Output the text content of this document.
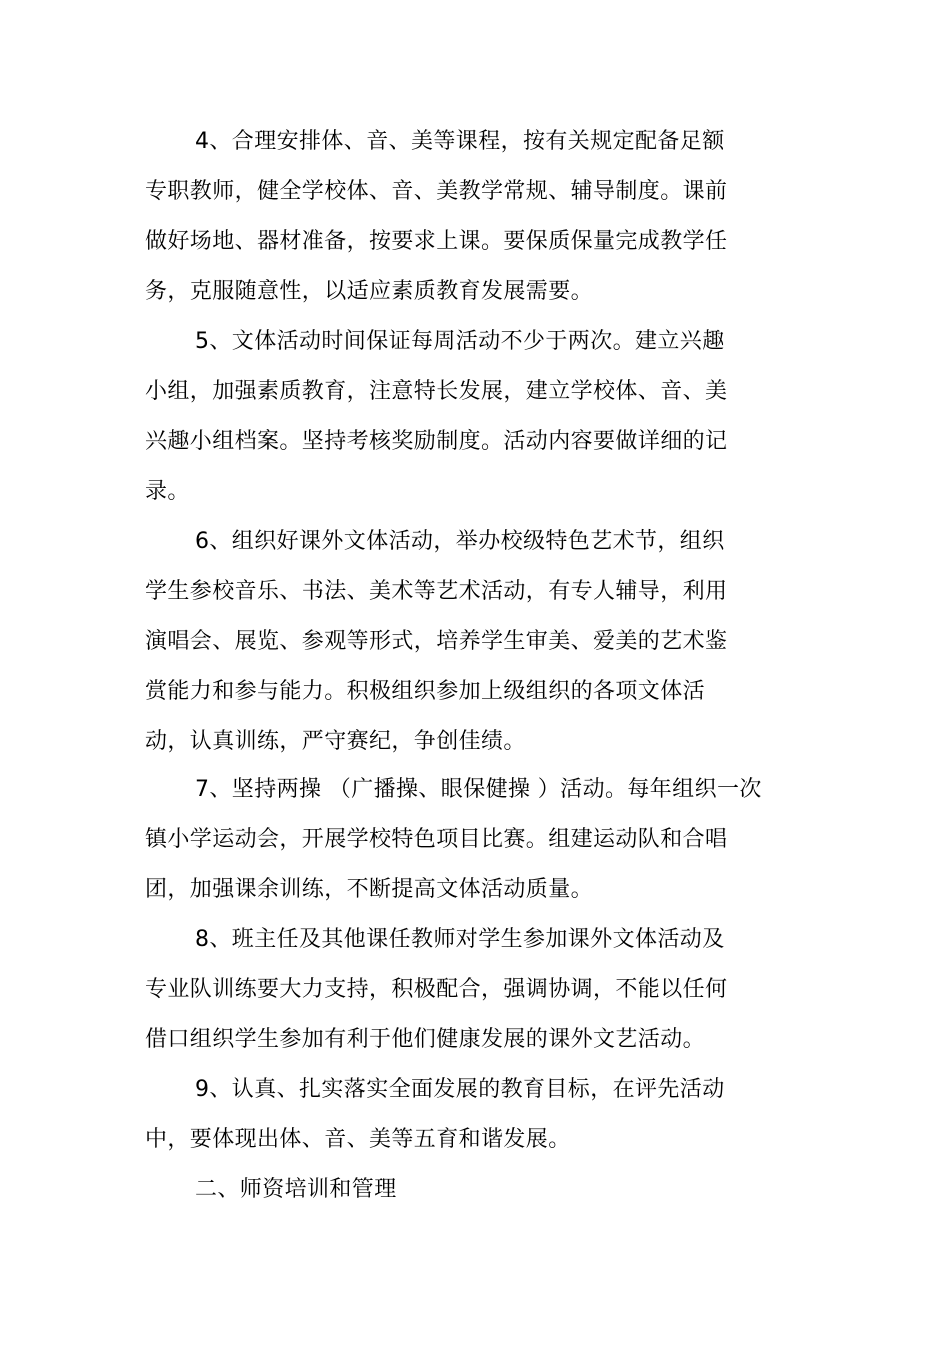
4、合理安排体、音、美等课程，按有关规定配备足额
专职教师，健全学校体、音、美教学常规、辅导制度。课前
做好场地、器材准备，按要求上课。要保质保量完成教学任
务，克服随意性，以适应素质教育发展需要。
5、文体活动时间保证每周活动不少于两次。建立兴趣
小组，加强素质教育，注意特长发展，建立学校体、音、美
兴趣小组档案。坚持考核奖励制度。活动内容要做详细的记
录。
6、组织好课外文体活动，举办校级特色艺术节，组织
学生参校音乐、书法、美术等艺术活动，有专人辅导，利用
演唱会、展览、参观等形式，培养学生审美、爱美的艺术鉴
赏能力和参与能力。积极组织参加上级组织的各项文体活
动，认真训练，严守赛纪，争创佳绩。
7、坚持两操 （广播操、眼保健操 ）活动。每年组织一次
镇小学运动会，开展学校特色项目比赛。组建运动队和合唱
团，加强课余训练，不断提高文体活动质量。
8、班主任及其他课任教师对学生参加课外文体活动及
专业队训练要大力支持，积极配合，强调协调，不能以任何
借口组织学生参加有利于他们健康发展的课外文艺活动。
9、认真、扎实落实全面发展的教育目标，在评先活动
中，要体现出体、音、美等五育和谐发展。
二、师资培训和管理
